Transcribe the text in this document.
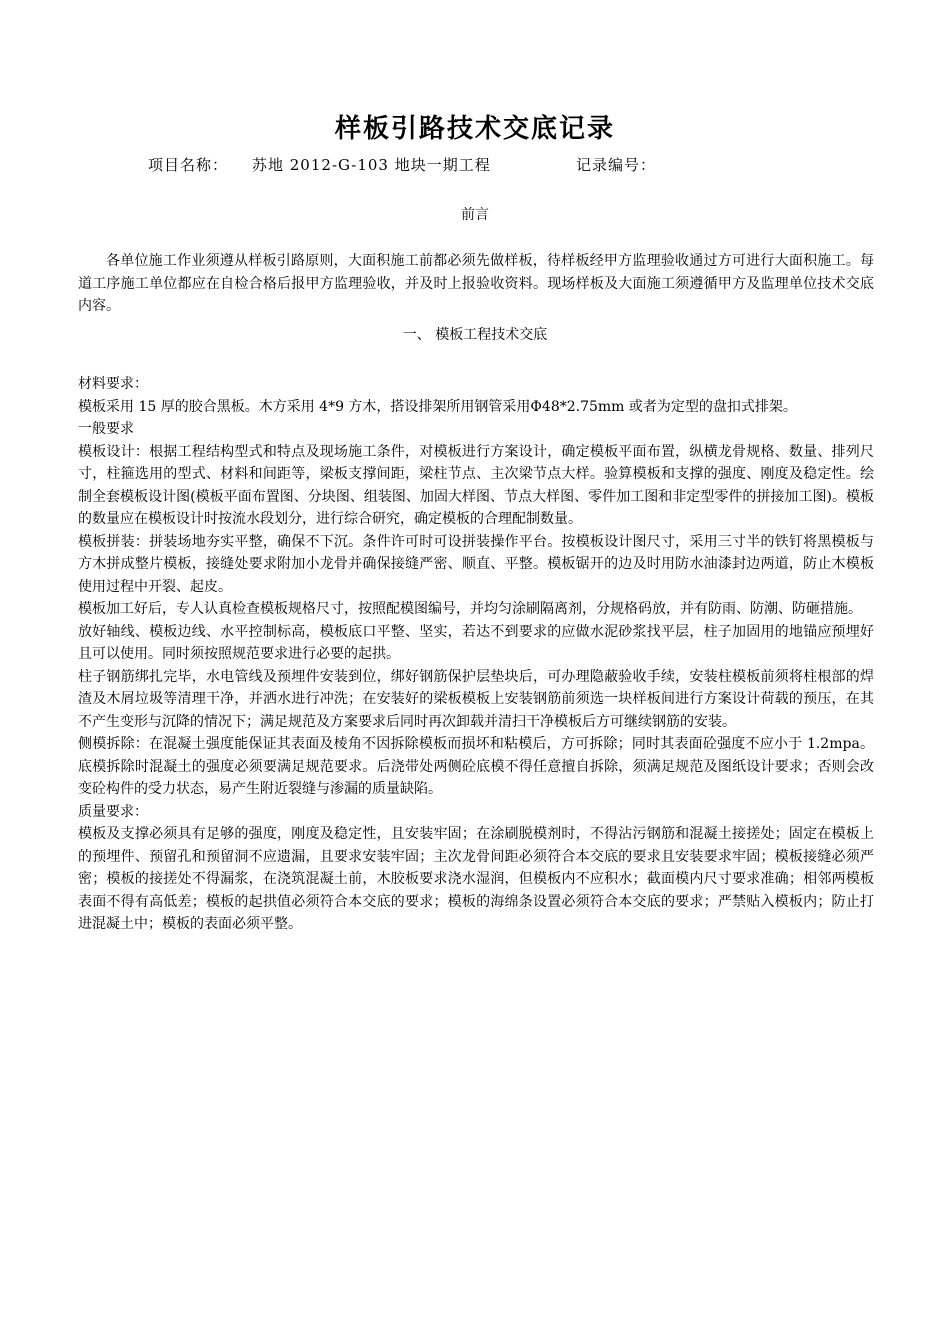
样板引路技术交底记录
项目名称： 苏地 2012-G-103 地块一期工程	记录编号：
前言
各单位施工作业须遵从样板引路原则，大面积施工前都必须先做样板，待样板经甲方监理验收通过方可进行大面积施工。每道工序施工单位都应在自检合格后报甲方监理验收，并及时上报验收资料。现场样板及大面施工须遵循甲方及监理单位技术交底内容。
一、 模板工程技术交底

材料要求：

模板采用 15 厚的胶合黑板。木方采用 4*9 方木，搭设排架所用钢管采用Φ48*2.75mm 或者为定型的盘扣式排架。

一般要求

模板设计：根据工程结构型式和特点及现场施工条件，对模板进行方案设计，确定模板平面布置，纵横龙骨规格、数量、排列尺寸，柱箍选用的型式、材料和间距等，梁板支撑间距，梁柱节点、主次梁节点大样。验算模板和支撑的强度、刚度及稳定性。绘制全套模板设计图(模板平面布置图、分块图、组装图、加固大样图、节点大样图、零件加工图和非定型零件的拼接加工图)。模板的数量应在模板设计时按流水段划分，进行综合研究，确定模板的合理配制数量。

模板拼装：拼装场地夯实平整，确保不下沉。条件许可时可设拼装操作平台。按模板设计图尺寸，采用三寸半的铁钉将黑模板与方木拼成整片模板，接缝处要求附加小龙骨并确保接缝严密、顺直、平整。模板锯开的边及时用防水油漆封边两道，防止木模板使用过程中开裂、起皮。

模板加工好后，专人认真检查模板规格尺寸，按照配模图编号，并均匀涂刷隔离剂，分规格码放，并有防雨、防潮、防砸措施。

放好轴线、模板边线、水平控制标高，模板底口平整、坚实，若达不到要求的应做水泥砂浆找平层，柱子加固用的地锚应预埋好且可以使用。同时须按照规范要求进行必要的起拱。

柱子钢筋绑扎完毕，水电管线及预埋件安装到位，绑好钢筋保护层垫块后，可办理隐蔽验收手续，安装柱模板前须将柱根部的焊渣及木屑垃圾等清理干净，并洒水进行冲洗；在安装好的梁板模板上安装钢筋前须选一块样板间进行方案设计荷载的预压，在其不产生变形与沉降的情况下；满足规范及方案要求后同时再次卸载并清扫干净模板后方可继续钢筋的安装。

侧模拆除：在混凝土强度能保证其表面及棱角不因拆除模板而损坏和粘模后，方可拆除；同时其表面砼强度不应小于 1.2mpa。底模拆除时混凝土的强度必须要满足规范要求。后浇带处两侧砼底模不得任意擅自拆除，须满足规范及图纸设计要求；否则会改变砼构件的受力状态，易产生附近裂缝与渗漏的质量缺陷。

质量要求：

模板及支撑必须具有足够的强度，刚度及稳定性，且安装牢固；在涂刷脱模剂时，不得沾污钢筋和混凝土接搓处；固定在模板上的预埋件、预留孔和预留洞不应遗漏，且要求安装牢固；主次龙骨间距必须符合本交底的要求且安装要求牢固；模板接缝必须严密；模板的接搓处不得漏浆，在浇筑混凝土前，木胶板要求浇水湿润，但模板内不应积水；截面模内尺寸要求准确；相邻两模板表面不得有高低差；模板的起拱值必须符合本交底的要求；模板的海绵条设置必须符合本交底的要求；严禁贴入模板内；防止打进混凝土中；模板的表面必须平整。
